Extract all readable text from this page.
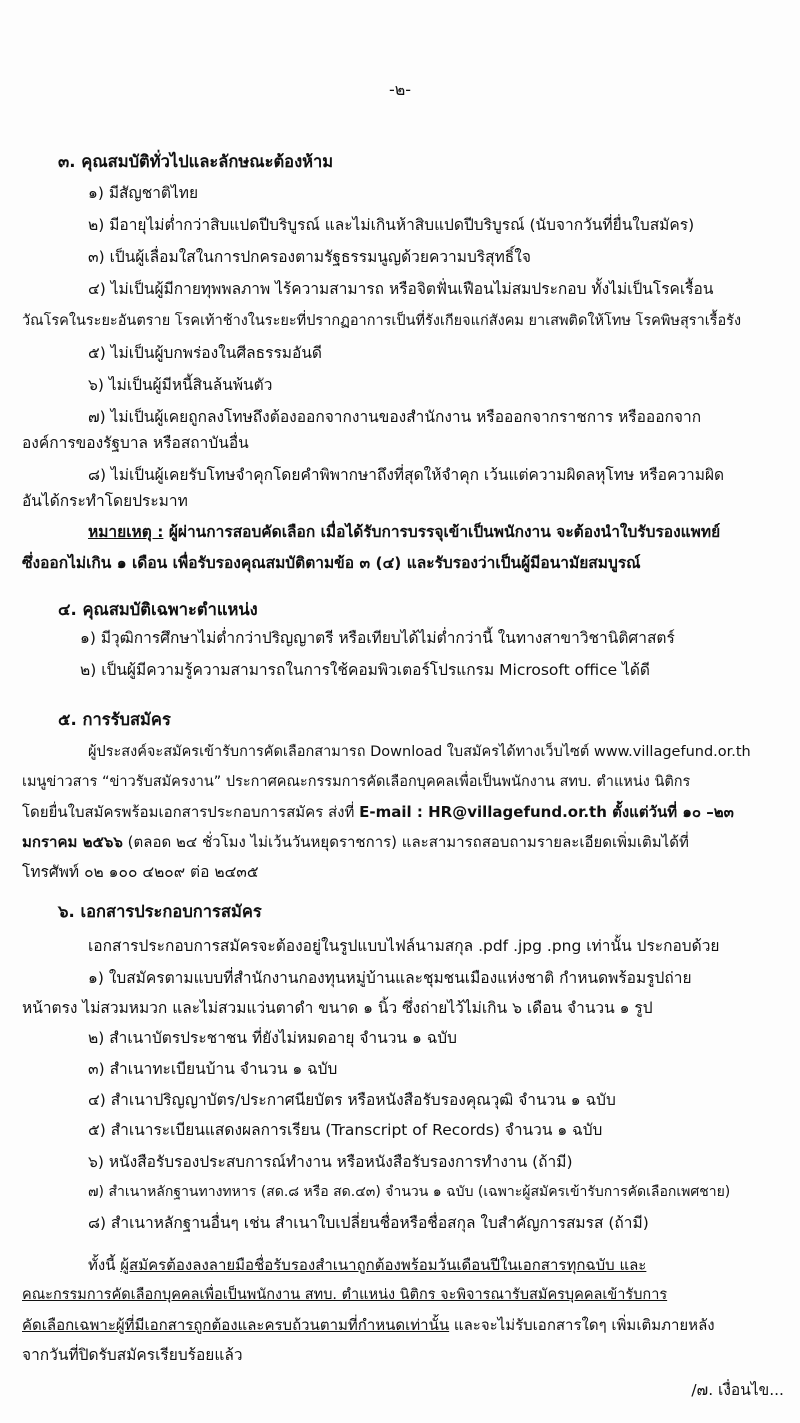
-๒-
๓. คุณสมบัติทั่วไปและลักษณะต้องห้าม
๑) มีสัญชาติไทย
๒) มีอายุไม่ต่ำกว่าสิบแปดปีบริบูรณ์ และไม่เกินห้าสิบแปดปีบริบูรณ์ (นับจากวันที่ยื่นใบสมัคร)
๓) เป็นผู้เลื่อมใสในการปกครองตามรัฐธรรมนูญด้วยความบริสุทธิ์ใจ
๔) ไม่เป็นผู้มีกายทุพพลภาพ ไร้ความสามารถ หรือจิตฟั่นเฟือนไม่สมประกอบ ทั้งไม่เป็นโรคเรื้อน
วัณโรคในระยะอันตราย โรคเท้าช้างในระยะที่ปรากฏอาการเป็นที่รังเกียจแก่สังคม ยาเสพติดให้โทษ โรคพิษสุราเรื้อรัง
๕) ไม่เป็นผู้บกพร่องในศีลธรรมอันดี
๖) ไม่เป็นผู้มีหนี้สินล้นพ้นตัว
๗) ไม่เป็นผู้เคยถูกลงโทษถึงต้องออกจากงานของสำนักงาน หรือออกจากราชการ หรือออกจาก
องค์การของรัฐบาล หรือสถาบันอื่น
๘) ไม่เป็นผู้เคยรับโทษจำคุกโดยคำพิพากษาถึงที่สุดให้จำคุก เว้นแต่ความผิดลหุโทษ หรือความผิด
อันได้กระทำโดยประมาท
หมายเหตุ : ผู้ผ่านการสอบคัดเลือก เมื่อได้รับการบรรจุเข้าเป็นพนักงาน จะต้องนำใบรับรองแพทย์
ซึ่งออกไม่เกิน ๑ เดือน เพื่อรับรองคุณสมบัติตามข้อ ๓ (๔) และรับรองว่าเป็นผู้มีอนามัยสมบูรณ์
๔. คุณสมบัติเฉพาะตำแหน่ง
๑) มีวุฒิการศึกษาไม่ต่ำกว่าปริญญาตรี หรือเทียบได้ไม่ต่ำกว่านี้ ในทางสาขาวิชานิติศาสตร์
๒) เป็นผู้มีความรู้ความสามารถในการใช้คอมพิวเตอร์โปรแกรม Microsoft office ได้ดี
๕. การรับสมัคร
ผู้ประสงค์จะสมัครเข้ารับการคัดเลือกสามารถ Download ใบสมัครได้ทางเว็บไซต์ www.villagefund.or.th
เมนูข่าวสาร “ข่าวรับสมัครงาน” ประกาศคณะกรรมการคัดเลือกบุคคลเพื่อเป็นพนักงาน สทบ. ตำแหน่ง นิติกร
โดยยื่นใบสมัครพร้อมเอกสารประกอบการสมัคร ส่งที่ E-mail : HR@villagefund.or.th ตั้งแต่วันที่ ๑๐ –๒๓
มกราคม ๒๕๖๖ (ตลอด ๒๔ ชั่วโมง ไม่เว้นวันหยุดราชการ) และสามารถสอบถามรายละเอียดเพิ่มเติมได้ที่
โทรศัพท์ ๐๒ ๑๐๐ ๔๒๐๙ ต่อ ๒๔๓๕
๖. เอกสารประกอบการสมัคร
เอกสารประกอบการสมัครจะต้องอยู่ในรูปแบบไฟล์นามสกุล .pdf .jpg .png เท่านั้น ประกอบด้วย
๑) ใบสมัครตามแบบที่สำนักงานกองทุนหมู่บ้านและชุมชนเมืองแห่งชาติ กำหนดพร้อมรูปถ่าย
หน้าตรง ไม่สวมหมวก และไม่สวมแว่นตาดำ ขนาด ๑ นิ้ว ซึ่งถ่ายไว้ไม่เกิน ๖ เดือน จำนวน ๑ รูป
๒) สำเนาบัตรประชาชน ที่ยังไม่หมดอายุ จำนวน ๑ ฉบับ
๓) สำเนาทะเบียนบ้าน จำนวน ๑ ฉบับ
๔) สำเนาปริญญาบัตร/ประกาศนียบัตร หรือหนังสือรับรองคุณวุฒิ จำนวน ๑ ฉบับ
๕) สำเนาระเบียนแสดงผลการเรียน (Transcript of Records) จำนวน ๑ ฉบับ
๖) หนังสือรับรองประสบการณ์ทำงาน หรือหนังสือรับรองการทำงาน (ถ้ามี)
๗) สำเนาหลักฐานทางทหาร (สด.๘ หรือ สด.๔๓) จำนวน ๑ ฉบับ (เฉพาะผู้สมัครเข้ารับการคัดเลือกเพศชาย)
๘) สำเนาหลักฐานอื่นๆ เช่น สำเนาใบเปลี่ยนชื่อหรือชื่อสกุล ใบสำคัญการสมรส (ถ้ามี)
ทั้งนี้ ผู้สมัครต้องลงลายมือชื่อรับรองสำเนาถูกต้องพร้อมวันเดือนปีในเอกสารทุกฉบับ และ
คณะกรรมการคัดเลือกบุคคลเพื่อเป็นพนักงาน สทบ. ตำแหน่ง นิติกร จะพิจารณารับสมัครบุคคลเข้ารับการ
คัดเลือกเฉพาะผู้ที่มีเอกสารถูกต้องและครบถ้วนตามที่กำหนดเท่านั้น และจะไม่รับเอกสารใดๆ เพิ่มเติมภายหลัง
จากวันที่ปิดรับสมัครเรียบร้อยแล้ว
/๗. เงื่อนไข...
